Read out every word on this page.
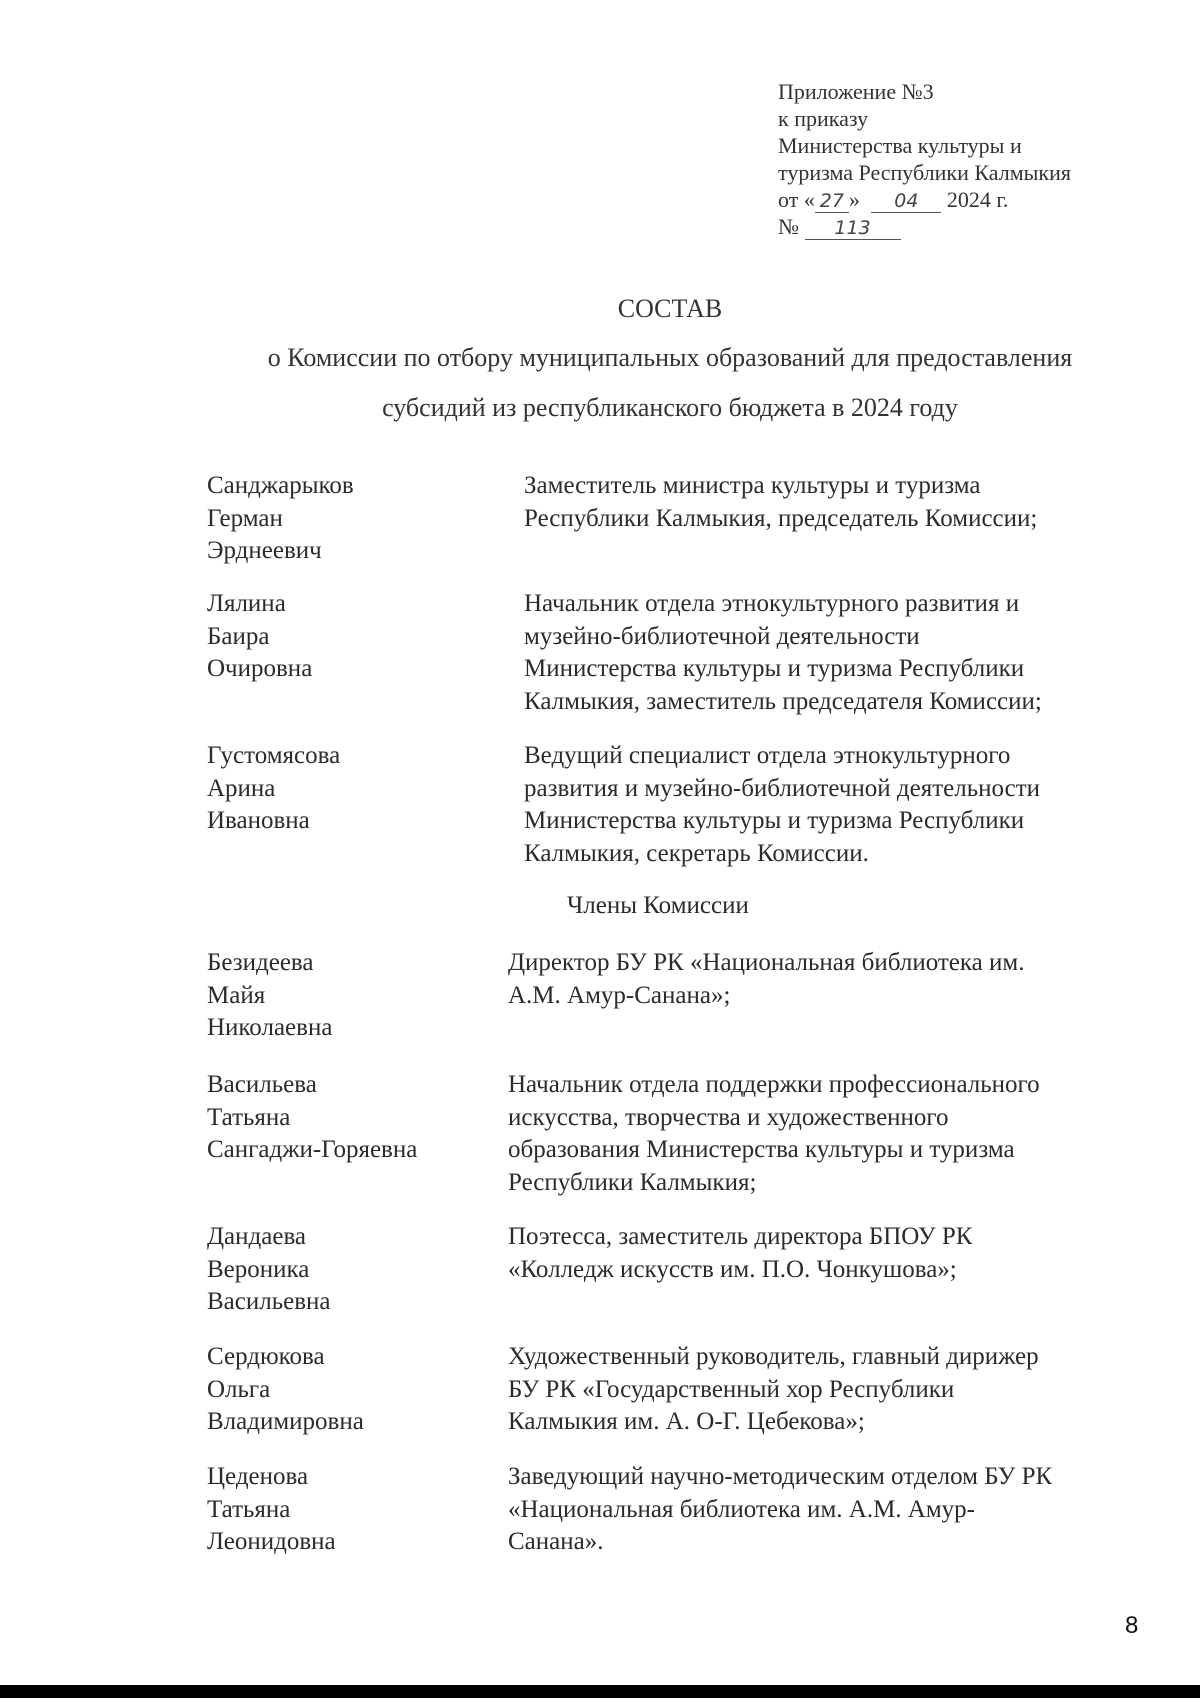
Приложение №3
к приказу
Министерства культуры и
туризма Республики Калмыкия
от « 27 » 04 2024 г.
№ 113
СОСТАВ
о Комиссии по отбору муниципальных образований для предоставления
субсидий из республиканского бюджета в 2024 году
Санджарыков
Герман
Эрднеевич
Заместитель министра культуры и туризма
Республики Калмыкия, председатель Комиссии;
Лялина
Баира
Очировна
Начальник отдела этнокультурного развития и
музейно-библиотечной деятельности
Министерства культуры и туризма Республики
Калмыкия, заместитель председателя Комиссии;
Густомясова
Арина
Ивановна
Ведущий специалист отдела этнокультурного
развития и музейно-библиотечной деятельности
Министерства культуры и туризма Республики
Калмыкия, секретарь Комиссии.
Члены Комиссии
Безидеева
Майя
Николаевна
Директор БУ РК «Национальная библиотека им.
А.М. Амур-Санана»;
Васильева
Татьяна
Сангаджи-Горяевна
Начальник отдела поддержки профессионального
искусства, творчества и художественного
образования Министерства культуры и туризма
Республики Калмыкия;
Дандаева
Вероника
Васильевна
Поэтесса, заместитель директора БПОУ РК
«Колледж искусств им. П.О. Чонкушова»;
Сердюкова
Ольга
Владимировна
Художественный руководитель, главный дирижер
БУ РК «Государственный хор Республики
Калмыкия им. А. О-Г. Цебекова»;
Цеденова
Татьяна
Леонидовна
Заведующий научно-методическим отделом БУ РК
«Национальная библиотека им. А.М. Амур-
Санана».
8
